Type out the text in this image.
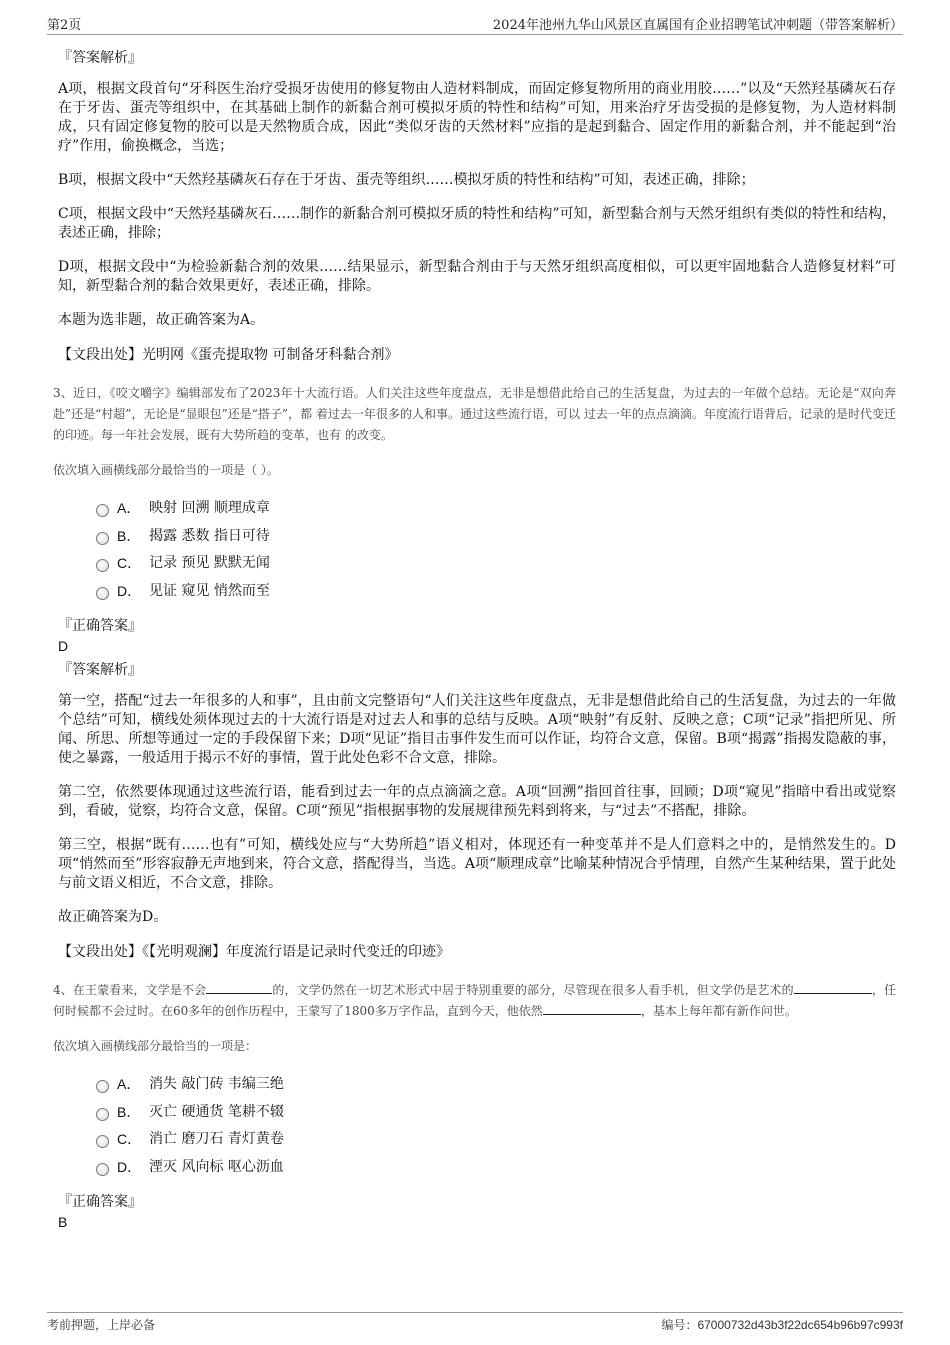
第2页	2024年池州九华山风景区直属国有企业招聘笔试冲刺题（带答案解析）
『答案解析』

A项，根据文段首句“牙科医生治疗受损牙齿使用的修复物由人造材料制成，而固定修复物所用的商业用胶……”以及“天然羟基磷灰石存在于牙齿、蛋壳等组织中，在其基础上制作的新黏合剂可模拟牙质的特性和结构”可知，用来治疗牙齿受损的是修复物，为人造材料制成，只有固定修复物的胶可以是天然物质合成，因此“类似牙齿的天然材料”应指的是起到黏合、固定作用的新黏合剂，并不能起到“治疗”作用，偷换概念，当选；

B项，根据文段中“天然羟基磷灰石存在于牙齿、蛋壳等组织……模拟牙质的特性和结构”可知，表述正确，排除；

C项，根据文段中“天然羟基磷灰石……制作的新黏合剂可模拟牙质的特性和结构”可知，新型黏合剂与天然牙组织有类似的特性和结构，表述正确，排除；

D项，根据文段中“为检验新黏合剂的效果……结果显示，新型黏合剂由于与天然牙组织高度相似，可以更牢固地黏合人造修复材料”可知，新型黏合剂的黏合效果更好，表述正确，排除。

本题为选非题，故正确答案为A。

【文段出处】光明网《蛋壳提取物 可制备牙科黏合剂》
3、近日，《咬文嚼字》编辑部发布了2023年十大流行语。人们关注这些年度盘点，无非是想借此给自己的生活复盘，为过去的一年做个总结。无论是“双向奔赴”还是“村超”，无论是“显眼包”还是“搭子”，都 着过去一年很多的人和事。通过这些流行语，可以 过去一年的点点滴滴。年度流行语背后，记录的是时代变迁的印迹。每一年社会发展，既有大势所趋的变革，也有 的改变。
依次填入画横线部分最恰当的一项是（ ）。
A． 映射 回溯 顺理成章
B． 揭露 悉数 指日可待
C． 记录 预见 默默无闻
D． 见证 窥见 悄然而至
『正确答案』
D
『答案解析』

第一空，搭配“过去一年很多的人和事”，且由前文完整语句“人们关注这些年度盘点，无非是想借此给自己的生活复盘，为过去的一年做个总结”可知，横线处须体现过去的十大流行语是对过去人和事的总结与反映。A项“映射”有反射、反映之意；C项“记录”指把所见、所闻、所思、所想等通过一定的手段保留下来；D项“见证”指目击事件发生而可以作证，均符合文意，保留。B项“揭露”指揭发隐蔽的事，使之暴露，一般适用于揭示不好的事情，置于此处色彩不合文意，排除。

第二空，依然要体现通过这些流行语，能看到过去一年的点点滴滴之意。A项“回溯”指回首往事，回顾；D项“窥见”指暗中看出或觉察到，看破，觉察，均符合文意，保留。C项“预见”指根据事物的发展规律预先料到将来，与“过去”不搭配，排除。

第三空，根据“既有……也有”可知，横线处应与“大势所趋”语义相对，体现还有一种变革并不是人们意料之中的，是悄然发生的。D项“悄然而至”形容寂静无声地到来，符合文意，搭配得当，当选。A项“顺理成章”比喻某种情况合乎情理，自然产生某种结果，置于此处与前文语义相近，不合文意，排除。

故正确答案为D。

【文段出处】《【光明观澜】年度流行语是记录时代变迁的印迹》
4、在王蒙看来，文学是不会	的，文学仍然在一切艺术形式中居于特别重要的部分，尽管现在很多人看手机，但文学仍是艺术的	，任何时候都不会过时。在60多年的创作历程中，王蒙写了1800多万字作品，直到今天，他依然	，基本上每年都有新作问世。
依次填入画横线部分最恰当的一项是：
A． 消失 敲门砖 韦编三绝
B． 灭亡 硬通货 笔耕不辍
C． 消亡 磨刀石 青灯黄卷
D． 湮灭 风向标 呕心沥血
『正确答案』
B
考前押题，上岸必备	编号：67000732d43b3f22dc654b96b97c993f
